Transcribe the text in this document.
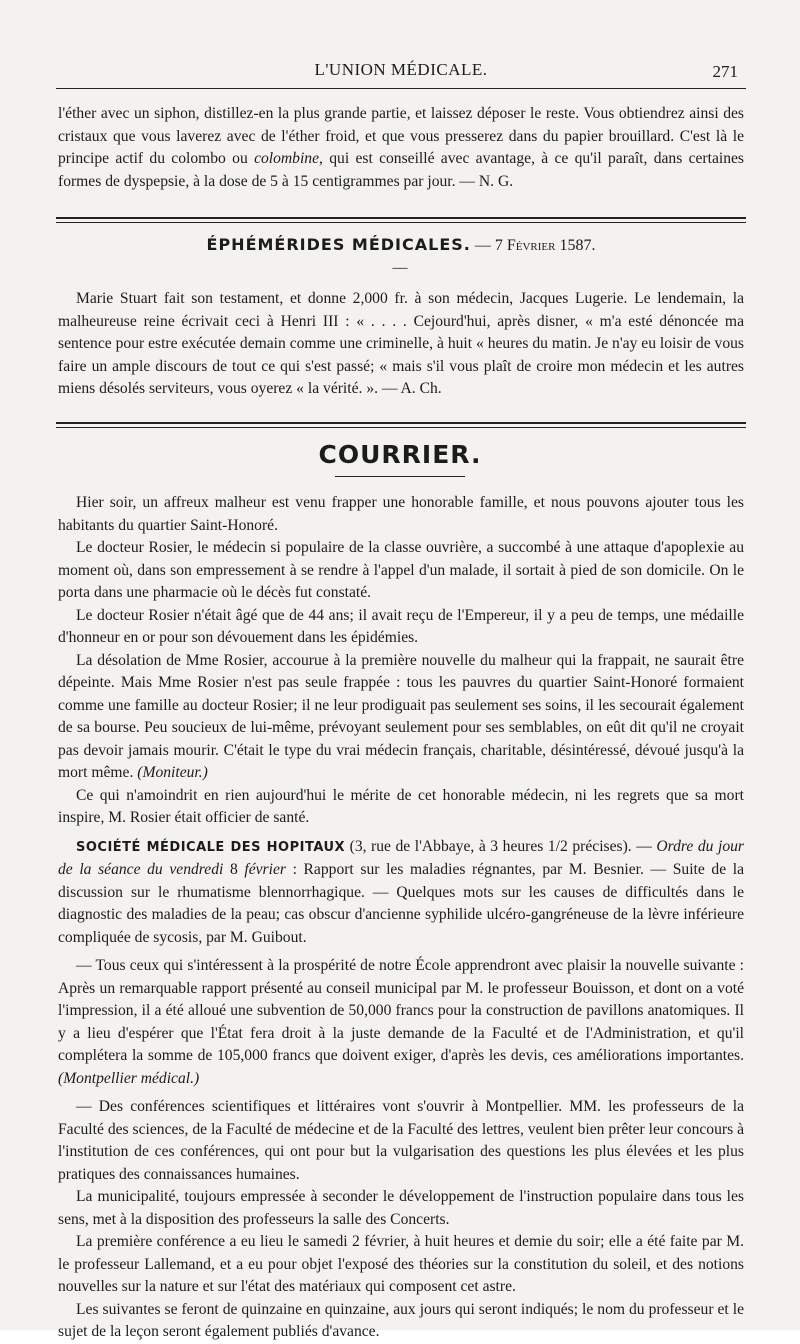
L'UNION MÉDICALE.	271

l'éther avec un siphon, distillez-en la plus grande partie, et laissez déposer le reste. Vous obtiendrez ainsi des cristaux que vous laverez avec de l'éther froid, et que vous presserez dans du papier brouillard. C'est là le principe actif du colombo ou colombine, qui est conseillé avec avantage, à ce qu'il paraît, dans certaines formes de dyspepsie, à la dose de 5 à 15 centigrammes par jour. — N. G.

ÉPHÉMÉRIDES MÉDICALES. — 7 Février 1587.
—
Marie Stuart fait son testament, et donne 2,000 fr. à son médecin, Jacques Lugerie. Le lendemain, la malheureuse reine écrivait ceci à Henri III : « . . . . Cejourd'hui, après disner, « m'a esté dénoncée ma sentence pour estre exécutée demain comme une criminelle, à huit « heures du matin. Je n'ay eu loisir de vous faire un ample discours de tout ce qui s'est passé; « mais s'il vous plaît de croire mon médecin et les autres miens désolés serviteurs, vous oyerez « la vérité. ». — A. Ch.
COURRIER.

Hier soir, un affreux malheur est venu frapper une honorable famille, et nous pouvons ajouter tous les habitants du quartier Saint-Honoré.

Le docteur Rosier, le médecin si populaire de la classe ouvrière, a succombé à une attaque d'apoplexie au moment où, dans son empressement à se rendre à l'appel d'un malade, il sortait à pied de son domicile. On le porta dans une pharmacie où le décès fut constaté.

Le docteur Rosier n'était âgé que de 44 ans; il avait reçu de l'Empereur, il y a peu de temps, une médaille d'honneur en or pour son dévouement dans les épidémies.

La désolation de Mme Rosier, accourue à la première nouvelle du malheur qui la frappait, ne saurait être dépeinte. Mais Mme Rosier n'est pas seule frappée : tous les pauvres du quartier Saint-Honoré formaient comme une famille au docteur Rosier; il ne leur prodiguait pas seulement ses soins, il les secourait également de sa bourse. Peu soucieux de lui-même, prévoyant seulement pour ses semblables, on eût dit qu'il ne croyait pas devoir jamais mourir. C'était le type du vrai médecin français, charitable, désintéressé, dévoué jusqu'à la mort même. (Moniteur.)

Ce qui n'amoindrit en rien aujourd'hui le mérite de cet honorable médecin, ni les regrets que sa mort inspire, M. Rosier était officier de santé.

SOCIÉTÉ MÉDICALE DES HOPITAUX (3, rue de l'Abbaye, à 3 heures 1/2 précises). — Ordre du jour de la séance du vendredi 8 février : Rapport sur les maladies régnantes, par M. Besnier. — Suite de la discussion sur le rhumatisme blennorrhagique. — Quelques mots sur les causes de difficultés dans le diagnostic des maladies de la peau; cas obscur d'ancienne syphilide ulcéro-gangréneuse de la lèvre inférieure compliquée de sycosis, par M. Guibout.

— Tous ceux qui s'intéressent à la prospérité de notre École apprendront avec plaisir la nouvelle suivante : Après un remarquable rapport présenté au conseil municipal par M. le professeur Bouisson, et dont on a voté l'impression, il a été alloué une subvention de 50,000 francs pour la construction de pavillons anatomiques. Il y a lieu d'espérer que l'État fera droit à la juste demande de la Faculté et de l'Administration, et qu'il complétera la somme de 105,000 francs que doivent exiger, d'après les devis, ces améliorations importantes. (Montpellier médical.)

— Des conférences scientifiques et littéraires vont s'ouvrir à Montpellier. MM. les professeurs de la Faculté des sciences, de la Faculté de médecine et de la Faculté des lettres, veulent bien prêter leur concours à l'institution de ces conférences, qui ont pour but la vulgarisation des questions les plus élevées et les plus pratiques des connaissances humaines.

La municipalité, toujours empressée à seconder le développement de l'instruction populaire dans tous les sens, met à la disposition des professeurs la salle des Concerts.

La première conférence a eu lieu le samedi 2 février, à huit heures et demie du soir; elle a été faite par M. le professeur Lallemand, et a eu pour objet l'exposé des théories sur la constitution du soleil, et des notions nouvelles sur la nature et sur l'état des matériaux qui composent cet astre.

Les suivantes se feront de quinzaine en quinzaine, aux jours qui seront indiqués; le nom du professeur et le sujet de la leçon seront également publiés d'avance.
